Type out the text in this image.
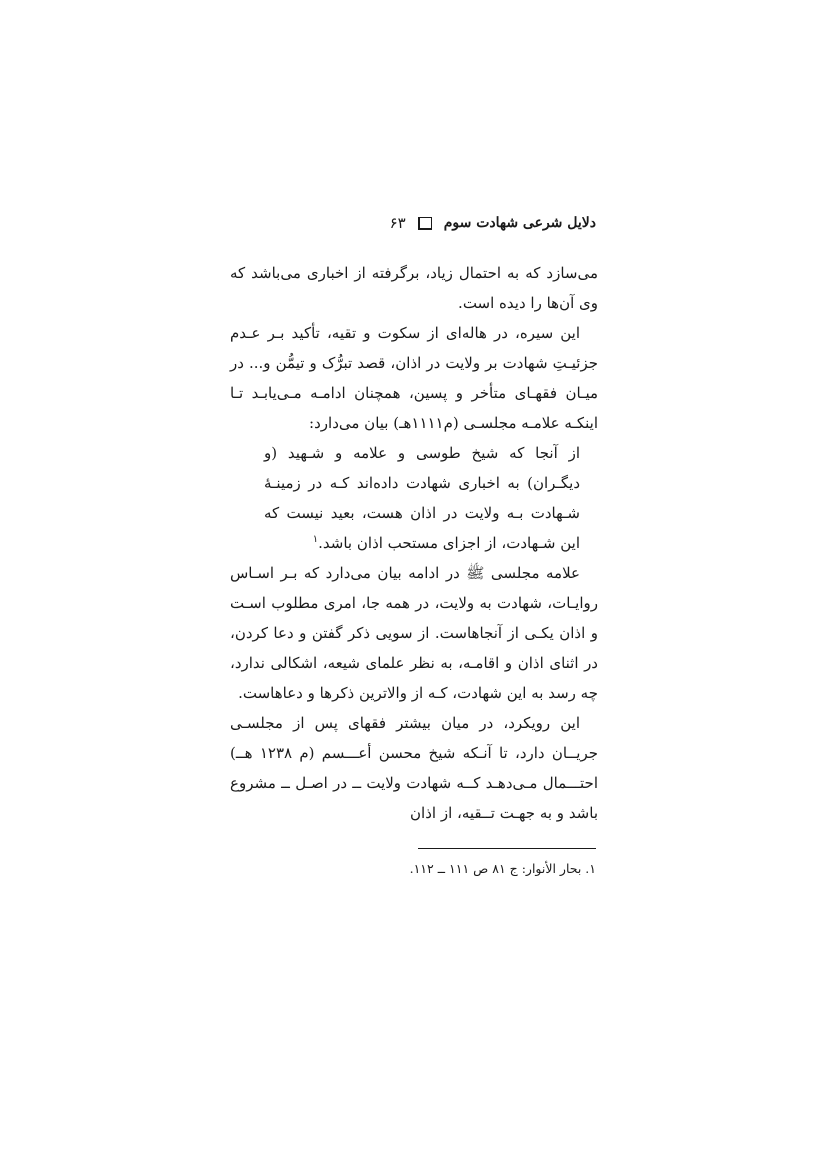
دلایل شرعی شهادت سوم
۶۳

می‌سازد که به احتمال زیاد، برگرفته از اخباری می‌باشد که وی آن‌ها را دیده است.

این سیره، در هاله‌ای از سکوت و تقیه، تأکید بـر عـدم جزئیـتِ شهادت بر ولایت در اذان، قصد تبرُّک و تیمُّن و... در میـان فقهـای متأخر و پسین، همچنان ادامـه مـی‌یابـد تـا اینکـه علامـه مجلسـی (م۱۱۱۱هـ) بیان می‌دارد:

از آنجا که شیخ طوسی و علامه و شـهید (و دیگـران) به اخباری شهادت داده‌اند کـه در زمینـۀ شـهادت بـه ولایت در اذان هست، بعید نیست که این شـهادت، از اجزای مستحب اذان باشد.$^۱$

علامه مجلسی ﷺ در ادامه بیان می‌دارد که بـر اسـاس روایـات، شهادت به ولایت، در همه جا، امری مطلوب اسـت و اذان یکـی از آنجاهاست. از سویی ذکر گفتن و دعا کردن، در اثنای اذان و اقامـه، به نظر علمای شیعه، اشکالی ندارد، چه رسد به این شهادت، کـه از والاترین ذکرها و دعاهاست.

این رویکرد، در میان بیشتر فقهای پس از مجلسـی جریــان دارد، تا آنـکه شیخ محسن أعـــسم (م ۱۲۳۸ هــ) احتـــمال مـی‌دهـد کــه شهادت ولایت ــ در اصـل ــ مشروع باشد و به جهـت تــقیه، از اذان

۱. بحار الأنوار: ج ۸۱ ص ۱۱۱ ــ ۱۱۲.
